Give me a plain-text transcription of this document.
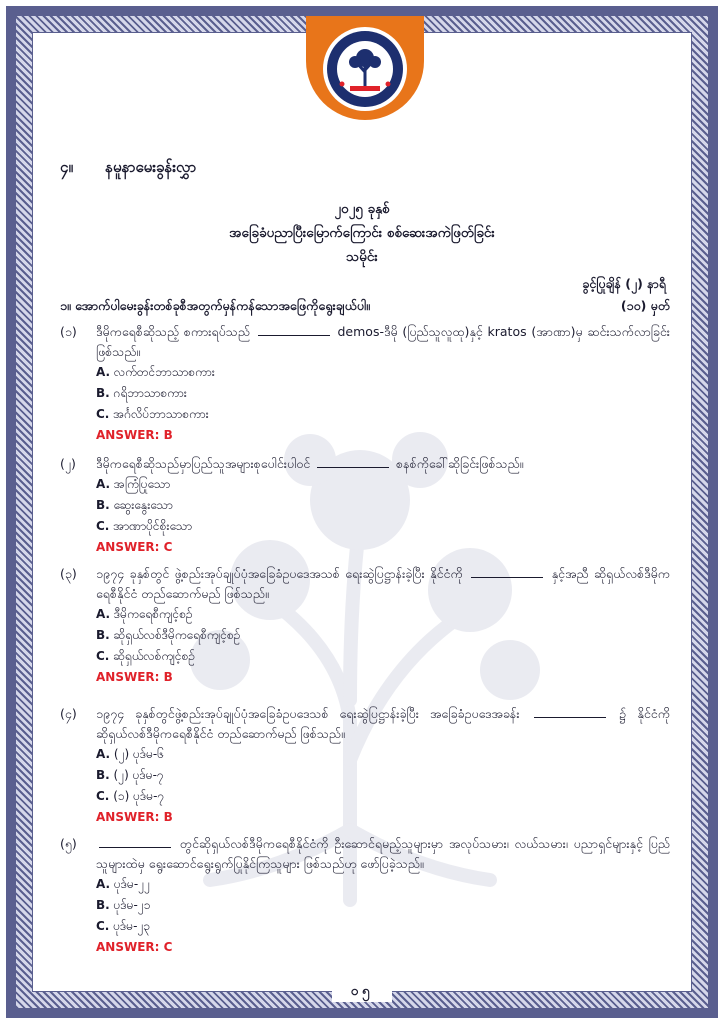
၄။ နမူနာမေးခွန်းလွှာ
၂၀၂၅ ခုနှစ်
အခြေခံပညာပြီးမြောက်ကြောင်း စစ်ဆေးအကဲဖြတ်ခြင်း
သမိုင်း
ခွင့်ပြုချိန် (၂) နာရီ
၁။ အောက်ပါမေးခွန်းတစ်ခုစီအတွက်မှန်ကန်သောအဖြေကိုရွေးချယ်ပါ။	(၁၀) မှတ်
(၁) ဒီမိုကရေစီဆိုသည့် စကားရပ်သည်	demos-ဒီမို (ပြည်သူလူထု)နှင့် kratos (အာဏာ)မှ ဆင်းသက်လာခြင်းဖြစ်သည်။
A. လက်တင်ဘာသာစကား
B. ဂရိဘာသာစကား
C. အင်္ဂလိပ်ဘာသာစကား
ANSWER: B
(၂) ဒီမိုကရေစီဆိုသည်မှာပြည်သူအများစုပေါင်းပါဝင်	စနစ်ကိုခေါ်ဆိုခြင်းဖြစ်သည်။
A. အကြံပြုသော
B. ဆွေးနွေးသော
C. အာဏာပိုင်စိုးသော
ANSWER: C
(၃) ၁၉၇၄ ခုနှစ်တွင် ဖွဲ့စည်းအုပ်ချုပ်ပုံအခြေခံဥပဒေအသစ် ရေးဆွဲပြဋ္ဌာန်းခဲ့ပြီး နိုင်ငံကို	နှင့်အညီ ဆိုရှယ်လစ်ဒီမိုကရေစီနိုင်ငံ တည်ဆောက်မည် ဖြစ်သည်။
A. ဒီမိုကရေစီကျင့်စဉ်
B. ဆိုရှယ်လစ်ဒီမိုကရေစီကျင့်စဉ်
C. ဆိုရှယ်လစ်ကျင့်စဉ်
ANSWER: B
(၄) ၁၉၇၄ ခုနှစ်တွင်ဖွဲ့စည်းအုပ်ချုပ်ပုံအခြေခံဥပဒေသစ် ရေးဆွဲပြဋ္ဌာန်းခဲ့ပြီး အခြေခံဥပဒေအခန်း	၌ နိုင်ငံကို ဆိုရှယ်လစ်ဒီမိုကရေစီနိုင်ငံ တည်ဆောက်မည် ဖြစ်သည်။
A. (၂) ပုဒ်မ-၆
B. (၂) ပုဒ်မ-၇
C. (၁) ပုဒ်မ-၇
ANSWER: B
(၅)	တွင်ဆိုရှယ်လစ်ဒီမိုကရေစီနိုင်ငံကို ဦးဆောင်ရမည့်သူများမှာ အလုပ်သမား၊ လယ်သမား၊ ပညာရှင်များနှင့် ပြည်သူများထဲမှ ရွေးဆောင်ရွေးရွက်ပြုနိုင်ကြသူများ ဖြစ်သည်ဟု ဖော်ပြခဲ့သည်။
A. ပုဒ်မ-၂၂
B. ပုဒ်မ-၂၁
C. ပုဒ်မ-၂၃
ANSWER: C
၀၅
